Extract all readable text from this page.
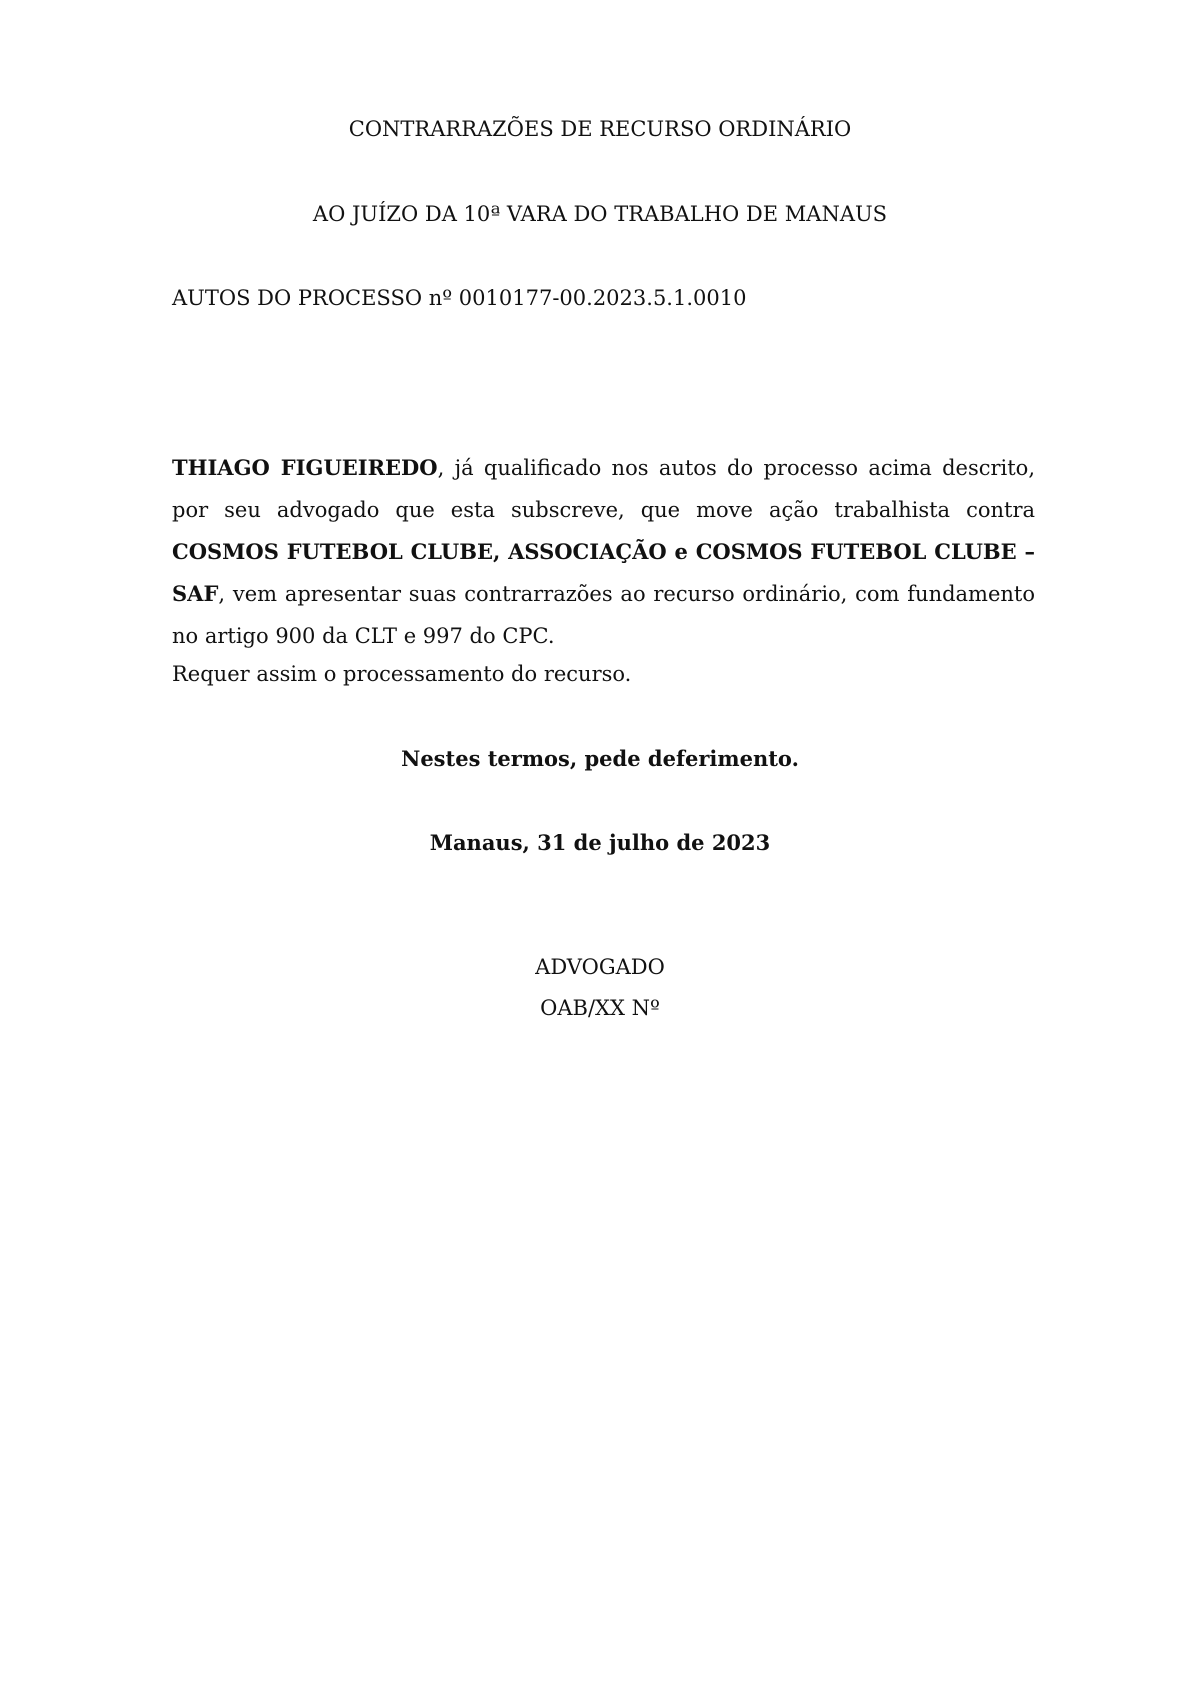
CONTRARRAZÕES DE RECURSO ORDINÁRIO
AO JUÍZO DA 10ª VARA DO TRABALHO DE MANAUS
AUTOS DO PROCESSO nº 0010177-00.2023.5.1.0010

THIAGO FIGUEIREDO, já qualificado nos autos do processo acima descrito, por seu advogado que esta subscreve, que move ação trabalhista contra COSMOS FUTEBOL CLUBE, ASSOCIAÇÃO e COSMOS FUTEBOL CLUBE – SAF, vem apresentar suas contrarrazões ao recurso ordinário, com fundamento no artigo 900 da CLT e 997 do CPC.

Requer assim o processamento do recurso.
Nestes termos, pede deferimento.
Manaus, 31 de julho de 2023
ADVOGADO
OAB/XX Nº
